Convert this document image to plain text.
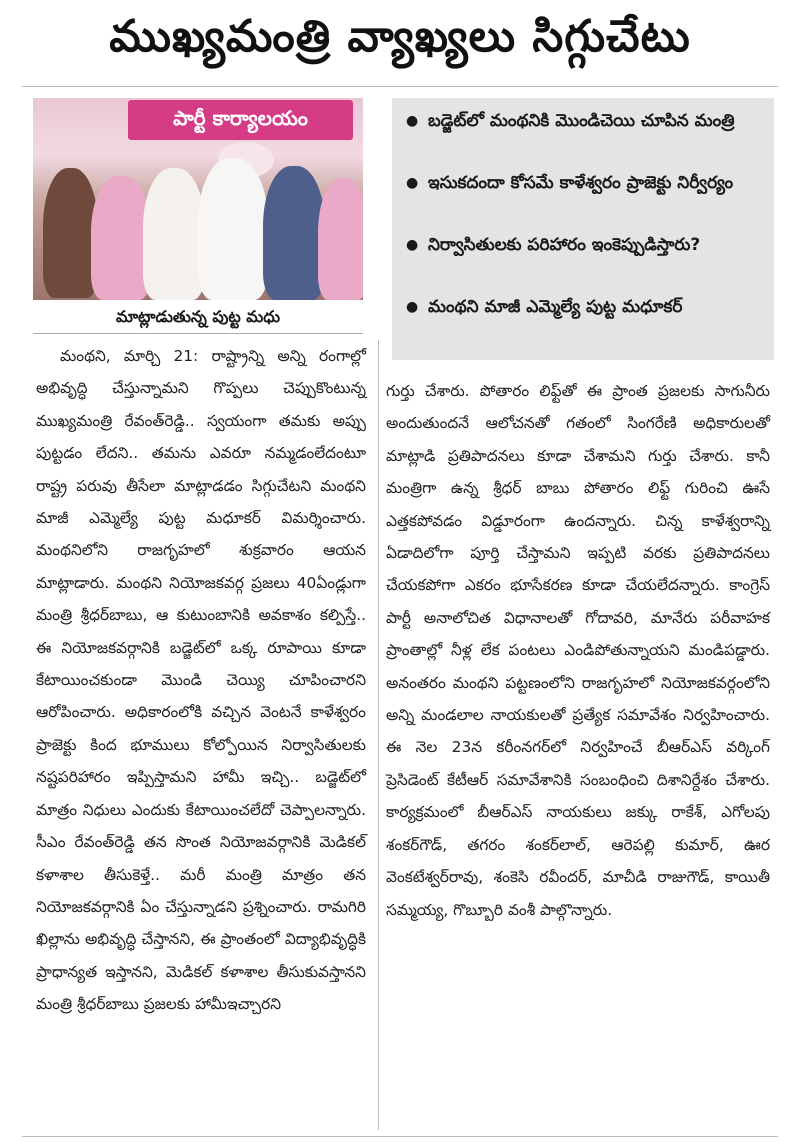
ముఖ్యమంత్రి వ్యాఖ్యలు సిగ్గుచేటు
పార్టీ కార్యాలయం
మాట్లాడుతున్న పుట్ట మధు
● బడ్జెట్‌లో మంథనికి మొండిచెయి చూపిన మంత్రి
● ఇసుకదందా కోసమే కాళేశ్వరం ప్రాజెక్టు నిర్వీర్యం
● నిర్వాసితులకు పరిహారం ఇంకెప్పుడిస్తారు?
● మంథని మాజీ ఎమ్మెల్యే పుట్ట మధూకర్

మంథని, మార్చి 21: రాష్ట్రాన్ని అన్ని రంగాల్లో అభివృద్ధి చేస్తున్నామని గొప్పలు చెప్పుకొంటున్న ముఖ్యమంత్రి రేవంత్‌రెడ్డి.. స్వయంగా తమకు అప్పు పుట్టడం లేదని.. తమను ఎవరూ నమ్మడంలేదంటూ రాష్ట్ర పరువు తీసేలా మాట్లాడడం సిగ్గుచేటని మంథని మాజీ ఎమ్మెల్యే పుట్ట మధూకర్ విమర్శించారు. మంథనిలోని రాజగృహలో శుక్రవారం ఆయన మాట్లాడారు. మంథని నియోజకవర్గ ప్రజలు 40ఏండ్లుగా మంత్రి శ్రీధర్‌బాబు, ఆ కుటుంబానికి అవకాశం కల్పిస్తే.. ఈ నియోజకవర్గానికి బడ్జెట్‌లో ఒక్క రూపాయి కూడా కేటాయించకుండా మొండి చెయ్యి చూపించారని ఆరోపించారు. అధికారంలోకి వచ్చిన వెంటనే కాళేశ్వరం ప్రాజెక్టు కింద భూములు కోల్పోయిన నిర్వాసితులకు నష్టపరిహారం ఇప్పిస్తామని హామీ ఇచ్చి.. బడ్జెట్‌లో మాత్రం నిధులు ఎందుకు కేటాయించలేదో చెప్పాలన్నారు. సీఎం రేవంత్‌రెడ్డి తన సొంత నియోజవర్గానికి మెడికల్ కళాశాల తీసుకెళ్తే.. మరీ మంత్రి మాత్రం తన నియోజకవర్గానికి ఏం చేస్తున్నాడని ప్రశ్నించారు. రామగిరి ఖిల్లాను అభివృద్ధి చేస్తానని, ఈ ప్రాంతంలో విద్యాభివృద్ధికి ప్రాధాన్యత ఇస్తానని, మెడికల్ కళాశాల తీసుకువస్తానని మంత్రి శ్రీధర్‌బాబు ప్రజలకు హామీఇచ్చారని

గుర్తు చేశారు. పోతారం లిఫ్ట్‌తో ఈ ప్రాంత ప్రజలకు సాగునీరు అందుతుందనే ఆలోచనతో గతంలో సింగరేణి అధికారులతో మాట్లాడి ప్రతిపాదనలు కూడా చేశామని గుర్తు చేశారు. కానీ మంత్రిగా ఉన్న శ్రీధర్ బాబు పోతారం లిఫ్ట్ గురించి ఊసే ఎత్తకపోవడం విడ్డూరంగా ఉందన్నారు. చిన్న కాళేశ్వరాన్ని ఏడాదిలోగా పూర్తి చేస్తామని ఇప్పటి వరకు ప్రతిపాదనలు చేయకపోగా ఎకరం భూసేకరణ కూడా చేయలేదన్నారు. కాంగ్రెస్ పార్టీ అనాలోచిత విధానాలతో గోదావరి, మానేరు పరీవాహక ప్రాంతాల్లో నీళ్ల లేక పంటలు ఎండిపోతున్నాయని మండిపడ్డారు. అనంతరం మంథని పట్టణంలోని రాజగృహలో నియోజకవర్గంలోని అన్ని మండలాల నాయకులతో ప్రత్యేక సమావేశం నిర్వహించారు. ఈ నెల 23న కరీంనగర్‌లో నిర్వహించే బీఆర్ఎస్ వర్కింగ్ ప్రెసిడెంట్ కేటీఆర్ సమావేశానికి సంబంధించి దిశానిర్దేశం చేశారు. కార్యక్రమంలో బీఆర్ఎస్ నాయకులు జక్కు రాకేశ్, ఎగోలపు శంకర్‌గౌడ్, తగరం శంకర్‌లాల్, ఆరెపల్లి కుమార్, ఊర వెంకటేశ్వర్‌రావు, శంకెసి రవీందర్, మాచీడి రాజుగౌడ్, కాయితీ సమ్మయ్య, గొబ్బూరి వంశీ పాల్గొన్నారు.
